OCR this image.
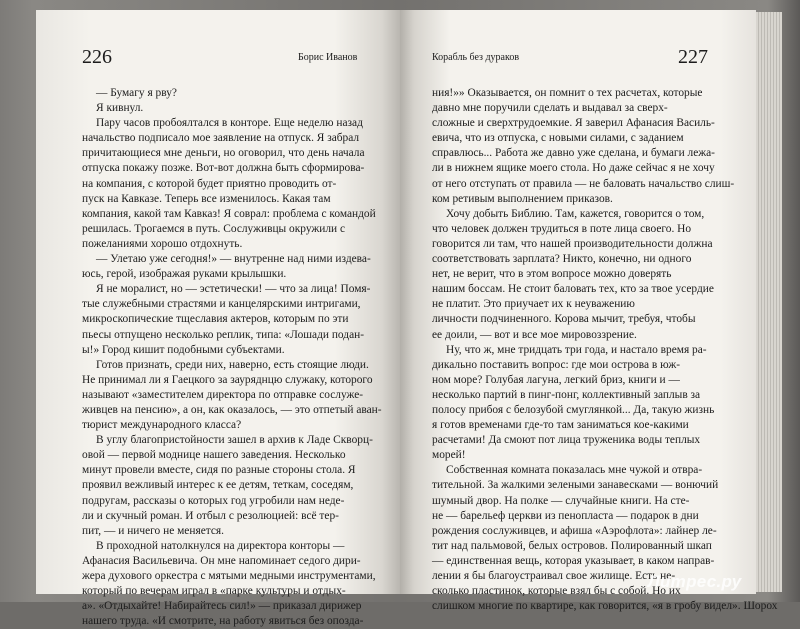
226	Борис Иванов
— Бумагу я рву?
Я кивнул.
Пару часов пробоялтался в конторе. Еще неделю назад
начальство подписало мое заявление на отпуск. Я забрал
причитающиеся мне деньги, но оговорил, что день начала
отпуска покажу позже. Вот-вот должна быть сформирова-
на компания, с которой будет приятно проводить от-
пуск на Кавказе. Теперь все изменилось. Какая там
компания, какой там Кавказ! Я соврал: проблема с командой
решилась. Трогаемся в путь. Сослуживцы окружили с
пожеланиями хорошо отдохнуть.
— Улетаю уже сегодня!» — внутренне над ними издева-
юсь, герой, изображая руками крылышки.
Я не моралист, но — эстетически! — что за лица! Помя-
тые служебными страстями и канцелярскими интригами,
микроскопические тщеславия актеров, которым по эти
пьесы отпущено несколько реплик, типа: «Лошади подан-
ы!» Город кишит подобными субъектами.
Готов признать, среди них, наверно, есть стоящие люди.
Не принимал ли я Гаецкого за зауряднцю служаку, которого
называют «заместителем директора по отправке сослуже-
живцев на пенсию», а он, как оказалось, — это отпетый аван-
тюрист международного класса?
В углу благопристойности зашел в архив к Ладе Скворц-
овой — первой моднице нашего заведения. Несколько
минут провели вместе, сидя по разные стороны стола. Я
проявил вежливый интерес к ее детям, теткам, соседям,
подругам, рассказы о которых год угробили нам неде-
ли и скучный роман. И отбыл с резолюцией: всё тер-
пит, — и ничего не меняется.
В проходной натолкнулся на директора конторы —
Афанасия Васильевича. Он мне напоминает седого дири-
жера духового оркестра с мятыми медными инструментами,
который по вечерам играл в «парке культуры и отдых-
а». «Отдыхайте! Набирайтесь сил!» — приказал дирижер
нашего труда. «И смотрите, на работу явиться без опозда-
Корабль без дураков	227
ния!»» Оказывается, он помнит о тех расчетах, которые
давно мне поручили сделать и выдавал за сверх-
сложные и сверхтрудоемкие. Я заверил Афанасия Василь-
евича, что из отпуска, с новыми силами, с заданием
справлюсь... Работа же давно уже сделана, и бумаги лежа-
ли в нижнем ящике моего стола. Но даже сейчас я не хочу
от него отступать от правила — не баловать начальство слиш-
ком ретивым выполнением приказов.
Хочу добыть Библию. Там, кажется, говорится о том,
что человек должен трудиться в поте лица своего. Но
говорится ли там, что нашей производительности должна
соответствовать зарплата? Никто, конечно, ни одного
нет, не верит, что в этом вопросе можно доверять
нашим боссам. Не стоит баловать тех, кто за твое усердие
не платит. Это приучает их к неуважению
личности подчиненного. Корова мычит, требуя, чтобы
ее доили, — вот и все мое мировоззрение.
Ну, что ж, мне тридцать три года, и настало время ра-
дикально поставить вопрос: где мои острова в юж-
ном море? Голубая лагуна, легкий бриз, книги и —
несколько партий в пинг-понг, коллективный заплыв за
полосу прибоя с белозубой смуглянкой... Да, такую жизнь
я готов временами где-то там заниматься кое-какими
расчетами! Да смоют пот лица труженика воды теплых
морей!
Собственная комната показалась мне чужой и отвра-
тительной. За жалкими зелеными занавесками — вонючий
шумный двор. На полке — случайные книги. На сте-
не — барельеф церкви из пенопласта — подарок в дни
рождения сослуживцев, и афиша «Аэрофлота»: лайнер ле-
тит над пальмовой, белых островов. Полированный шкап
— единственная вещь, которая указывает, в каком направ-
лении я бы благоустраивал свое жилище. Есть не-
сколько пластинок, которые взял бы с собой. Но их
слишком многие по квартире, как говорится, «я в гробу видел». Шорох
Литрес.ру
